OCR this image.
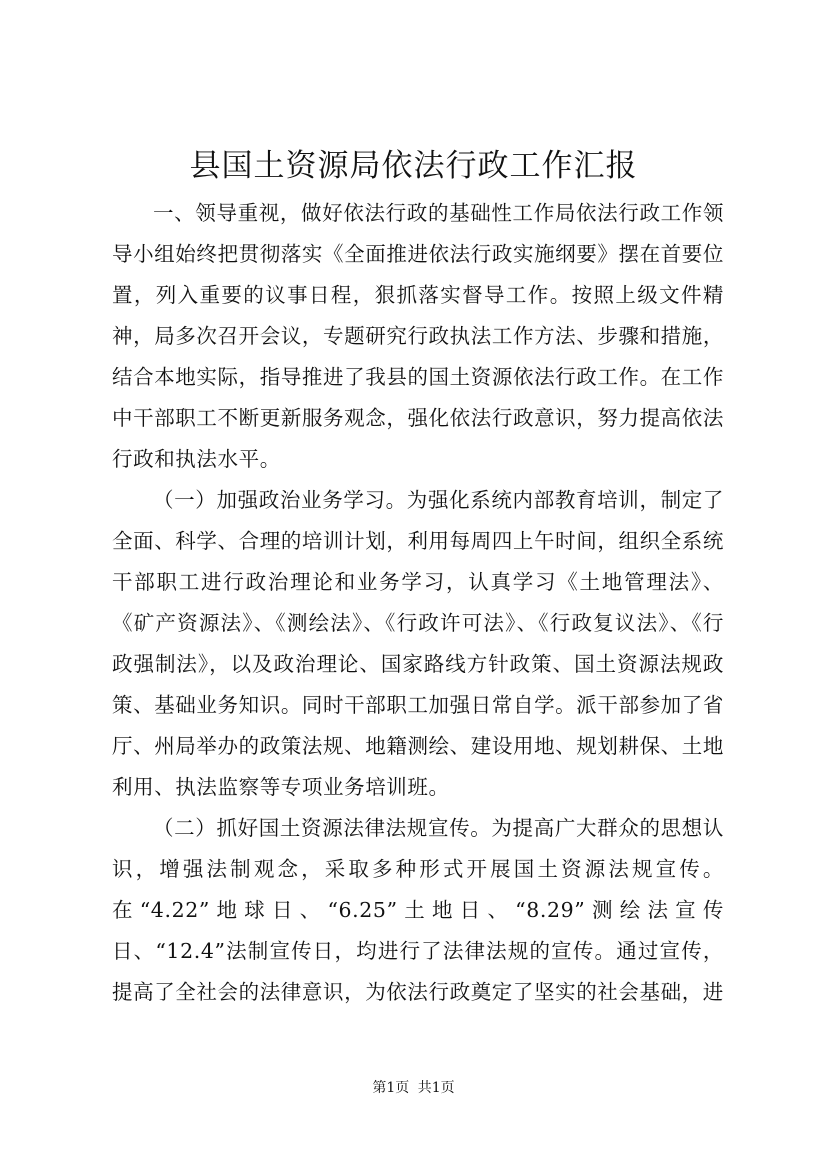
县国土资源局依法行政工作汇报

一、领导重视，做好依法行政的基础性工作局依法行政工作领导小组始终把贯彻落实《全面推进依法行政实施纲要》摆在首要位置，列入重要的议事日程，狠抓落实督导工作。按照上级文件精神，局多次召开会议，专题研究行政执法工作方法、步骤和措施，结合本地实际，指导推进了我县的国土资源依法行政工作。在工作中干部职工不断更新服务观念，强化依法行政意识，努力提高依法行政和执法水平。

（一）加强政治业务学习。为强化系统内部教育培训，制定了全面、科学、合理的培训计划，利用每周四上午时间，组织全系统干部职工进行政治理论和业务学习，认真学习《土地管理法》、《矿产资源法》、《测绘法》、《行政许可法》、《行政复议法》、《行政强制法》，以及政治理论、国家路线方针政策、国土资源法规政策、基础业务知识。同时干部职工加强日常自学。派干部参加了省厅、州局举办的政策法规、地籍测绘、建设用地、规划耕保、土地利用、执法监察等专项业务培训班。

（二）抓好国土资源法律法规宣传。为提高广大群众的思想认识，增强法制观念，采取多种形式开展国土资源法规宣传。在“4.22”地球日、“6.25”土地日、“8.29”测绘法宣传日、“12.4”法制宣传日，均进行了法律法规的宣传。通过宣传，提高了全社会的法律意识，为依法行政奠定了坚实的社会基础，进

第1页 共1页
